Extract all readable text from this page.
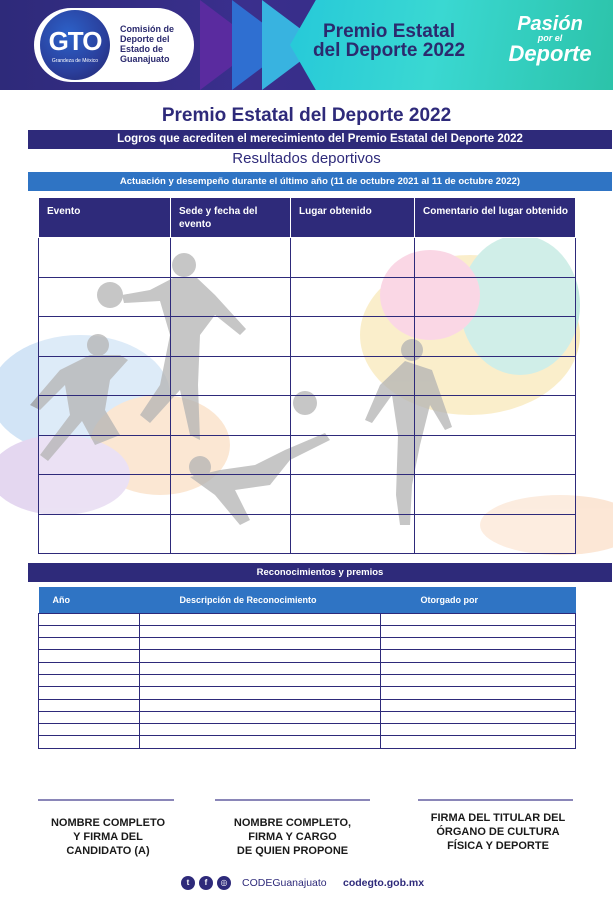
GTO
Grandeza de México
Comisión de Deporte del Estado de Guanajuato
Premio Estatal
del Deporte 2022
Pasión
por el
Deporte
Premio Estatal del Deporte 2022
Logros que acrediten el merecimiento del Premio Estatal del Deporte 2022
Resultados deportivos
Actuación y desempeño durante el último año (11 de octubre 2021 al 11 de octubre 2022)
Evento	Sede y fecha del evento	Lugar obtenido	Comentario del lugar obtenido

Reconocimientos y premios
Año	Descripción de Reconocimiento	Otorgado por

NOMBRE COMPLETO
Y FIRMA DEL
CANDIDATO (A)
NOMBRE COMPLETO,
FIRMA Y CARGO
DE QUIEN PROPONE
FIRMA DEL TITULAR DEL
ÓRGANO DE CULTURA
FÍSICA Y DEPORTE
t	f	◎	CODEGuanajuato codegto.gob.mx
